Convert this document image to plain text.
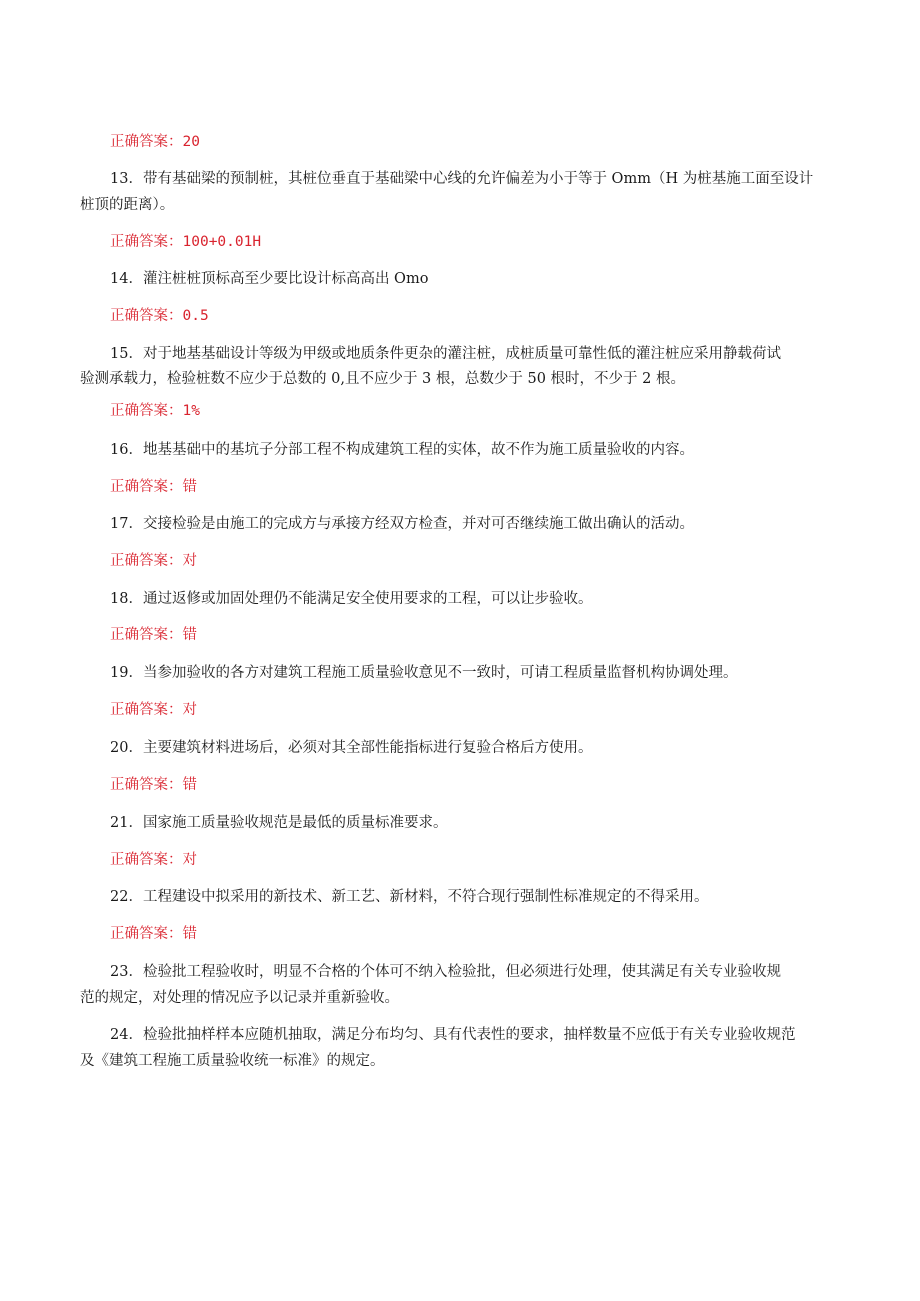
正确答案：20
13．带有基础梁的预制桩，其桩位垂直于基础梁中心线的允许偏差为小于等于 Omm（H 为桩基施工面至设计
桩顶的距离）。
正确答案：100+0.01H
14．灌注桩桩顶标高至少要比设计标高高出 Omo
正确答案：0.5
15．对于地基基础设计等级为甲级或地质条件更杂的灌注桩，成桩质量可靠性低的灌注桩应采用静载荷试
验测承载力，检验桩数不应少于总数的 0,且不应少于 3 根，总数少于 50 根时，不少于 2 根。
正确答案：1%
16．地基基础中的基坑子分部工程不构成建筑工程的实体，故不作为施工质量验收的内容。
正确答案：错
17．交接检验是由施工的完成方与承接方经双方检查，并对可否继续施工做出确认的活动。
正确答案：对
18．通过返修或加固处理仍不能满足安全使用要求的工程，可以让步验收。
正确答案：错
19．当参加验收的各方对建筑工程施工质量验收意见不一致时，可请工程质量监督机构协调处理。
正确答案：对
20．主要建筑材料进场后，必须对其全部性能指标进行复验合格后方使用。
正确答案：错
21．国家施工质量验收规范是最低的质量标准要求。
正确答案：对
22．工程建设中拟采用的新技术、新工艺、新材料，不符合现行强制性标准规定的不得采用。
正确答案：错
23．检验批工程验收时，明显不合格的个体可不纳入检验批，但必须进行处理，使其满足有关专业验收规
范的规定，对处理的情况应予以记录并重新验收。
24．检验批抽样样本应随机抽取，满足分布均匀、具有代表性的要求，抽样数量不应低于有关专业验收规范
及《建筑工程施工质量验收统一标准》的规定。
